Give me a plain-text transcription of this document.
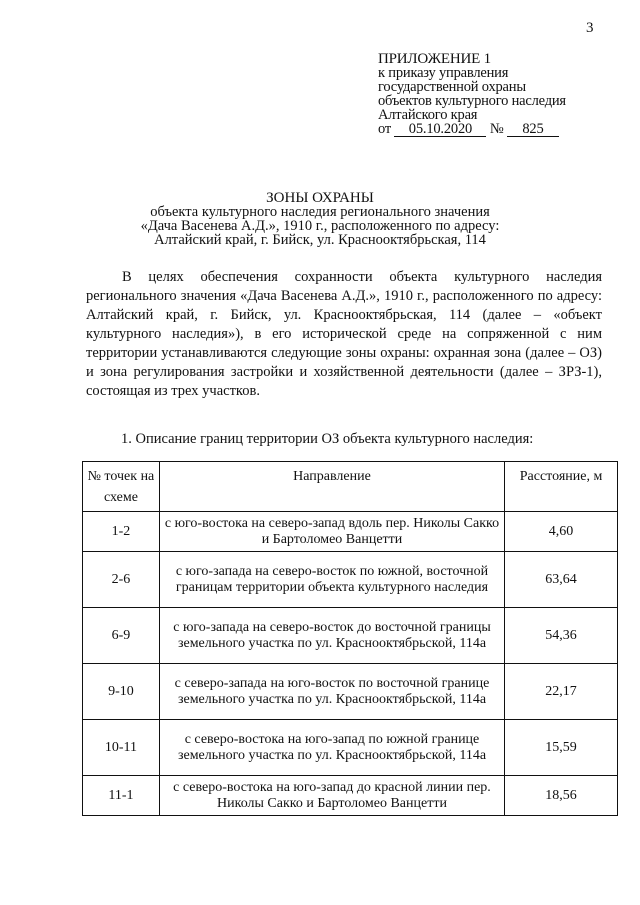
3
ПРИЛОЖЕНИЕ 1
к приказу управления
государственной охраны
объектов культурного наследия
Алтайского края
от 05.10.2020 № 825
ЗОНЫ ОХРАНЫ
объекта культурного наследия регионального значения
«Дача Васенева А.Д.», 1910 г., расположенного по адресу:
Алтайский край, г. Бийск, ул. Краснооктябрьская, 114
В целях обеспечения сохранности объекта культурного наследия регионального значения «Дача Васенева А.Д.», 1910 г., расположенного по адресу: Алтайский край, г. Бийск, ул. Краснооктябрьская, 114 (далее – «объект культурного наследия»), в его исторической среде на сопряженной с ним территории устанавливаются следующие зоны охраны: охранная зона (далее – ОЗ) и зона регулирования застройки и хозяйственной деятельности (далее – ЗРЗ-1), состоящая из трех участков.
1. Описание границ территории ОЗ объекта культурного наследия:
№ точек на схеме	Направление	Расстояние, м
1-2	с юго-востока на северо-запад вдоль пер. Николы Сакко и Бартоломео Ванцетти	4,60
2-6	с юго-запада на северо-восток по южной, восточной границам территории объекта культурного наследия	63,64
6-9	с юго-запада на северо-восток до восточной границы земельного участка по ул. Краснооктябрьской, 114а	54,36
9-10	с северо-запада на юго-восток по восточной границе земельного участка по ул. Краснооктябрьской, 114а	22,17
10-11	с северо-востока на юго-запад по южной границе земельного участка по ул. Краснооктябрьской, 114а	15,59
11-1	с северо-востока на юго-запад до красной линии пер. Николы Сакко и Бартоломео Ванцетти	18,56
